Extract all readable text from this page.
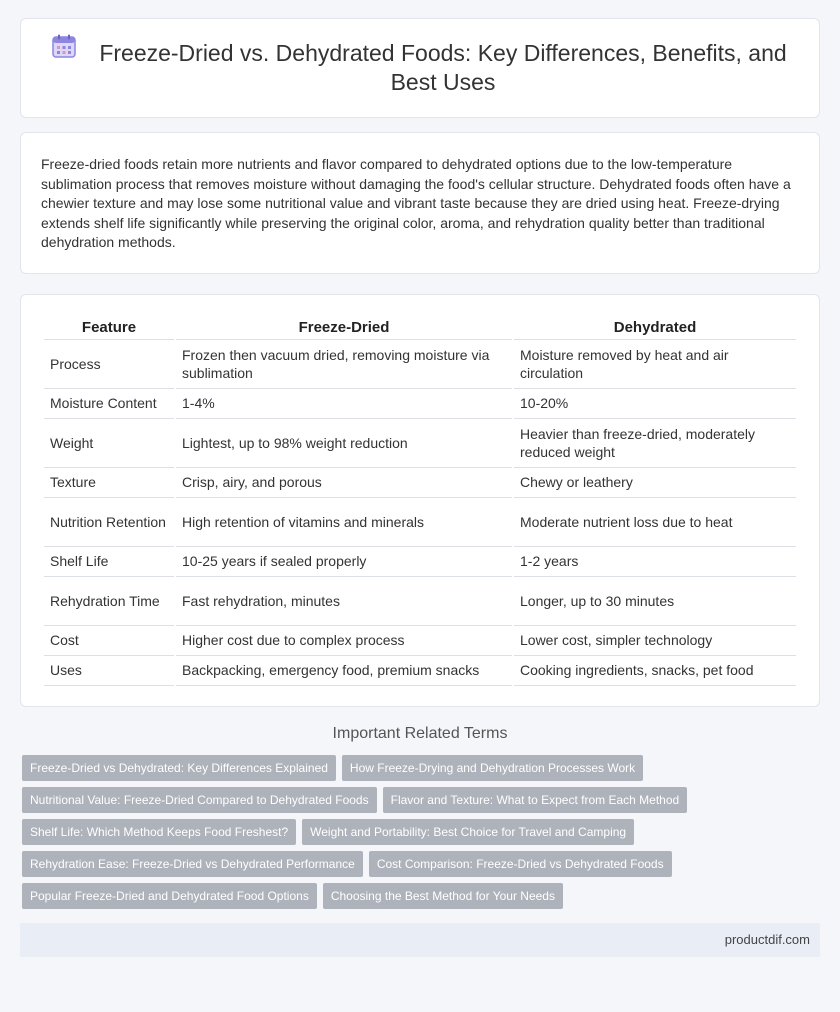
Freeze-Dried vs. Dehydrated Foods: Key Differences, Benefits, and Best Uses
Freeze-dried foods retain more nutrients and flavor compared to dehydrated options due to the low-temperature sublimation process that removes moisture without damaging the food's cellular structure. Dehydrated foods often have a chewier texture and may lose some nutritional value and vibrant taste because they are dried using heat. Freeze-drying extends shelf life significantly while preserving the original color, aroma, and rehydration quality better than traditional dehydration methods.
Feature	Freeze-Dried	Dehydrated
Process	Frozen then vacuum dried, removing moisture via sublimation	Moisture removed by heat and air circulation
Moisture Content	1-4%	10-20%
Weight	Lightest, up to 98% weight reduction	Heavier than freeze-dried, moderately reduced weight
Texture	Crisp, airy, and porous	Chewy or leathery
Nutrition Retention	High retention of vitamins and minerals	Moderate nutrient loss due to heat
Shelf Life	10-25 years if sealed properly	1-2 years
Rehydration Time	Fast rehydration, minutes	Longer, up to 30 minutes
Cost	Higher cost due to complex process	Lower cost, simpler technology
Uses	Backpacking, emergency food, premium snacks	Cooking ingredients, snacks, pet food
Important Related Terms
Freeze-Dried vs Dehydrated: Key Differences Explained	How Freeze-Drying and Dehydration Processes Work
Nutritional Value: Freeze-Dried Compared to Dehydrated Foods	Flavor and Texture: What to Expect from Each Method
Shelf Life: Which Method Keeps Food Freshest?	Weight and Portability: Best Choice for Travel and Camping
Rehydration Ease: Freeze-Dried vs Dehydrated Performance	Cost Comparison: Freeze-Dried vs Dehydrated Foods
Popular Freeze-Dried and Dehydrated Food Options	Choosing the Best Method for Your Needs
productdif.com
